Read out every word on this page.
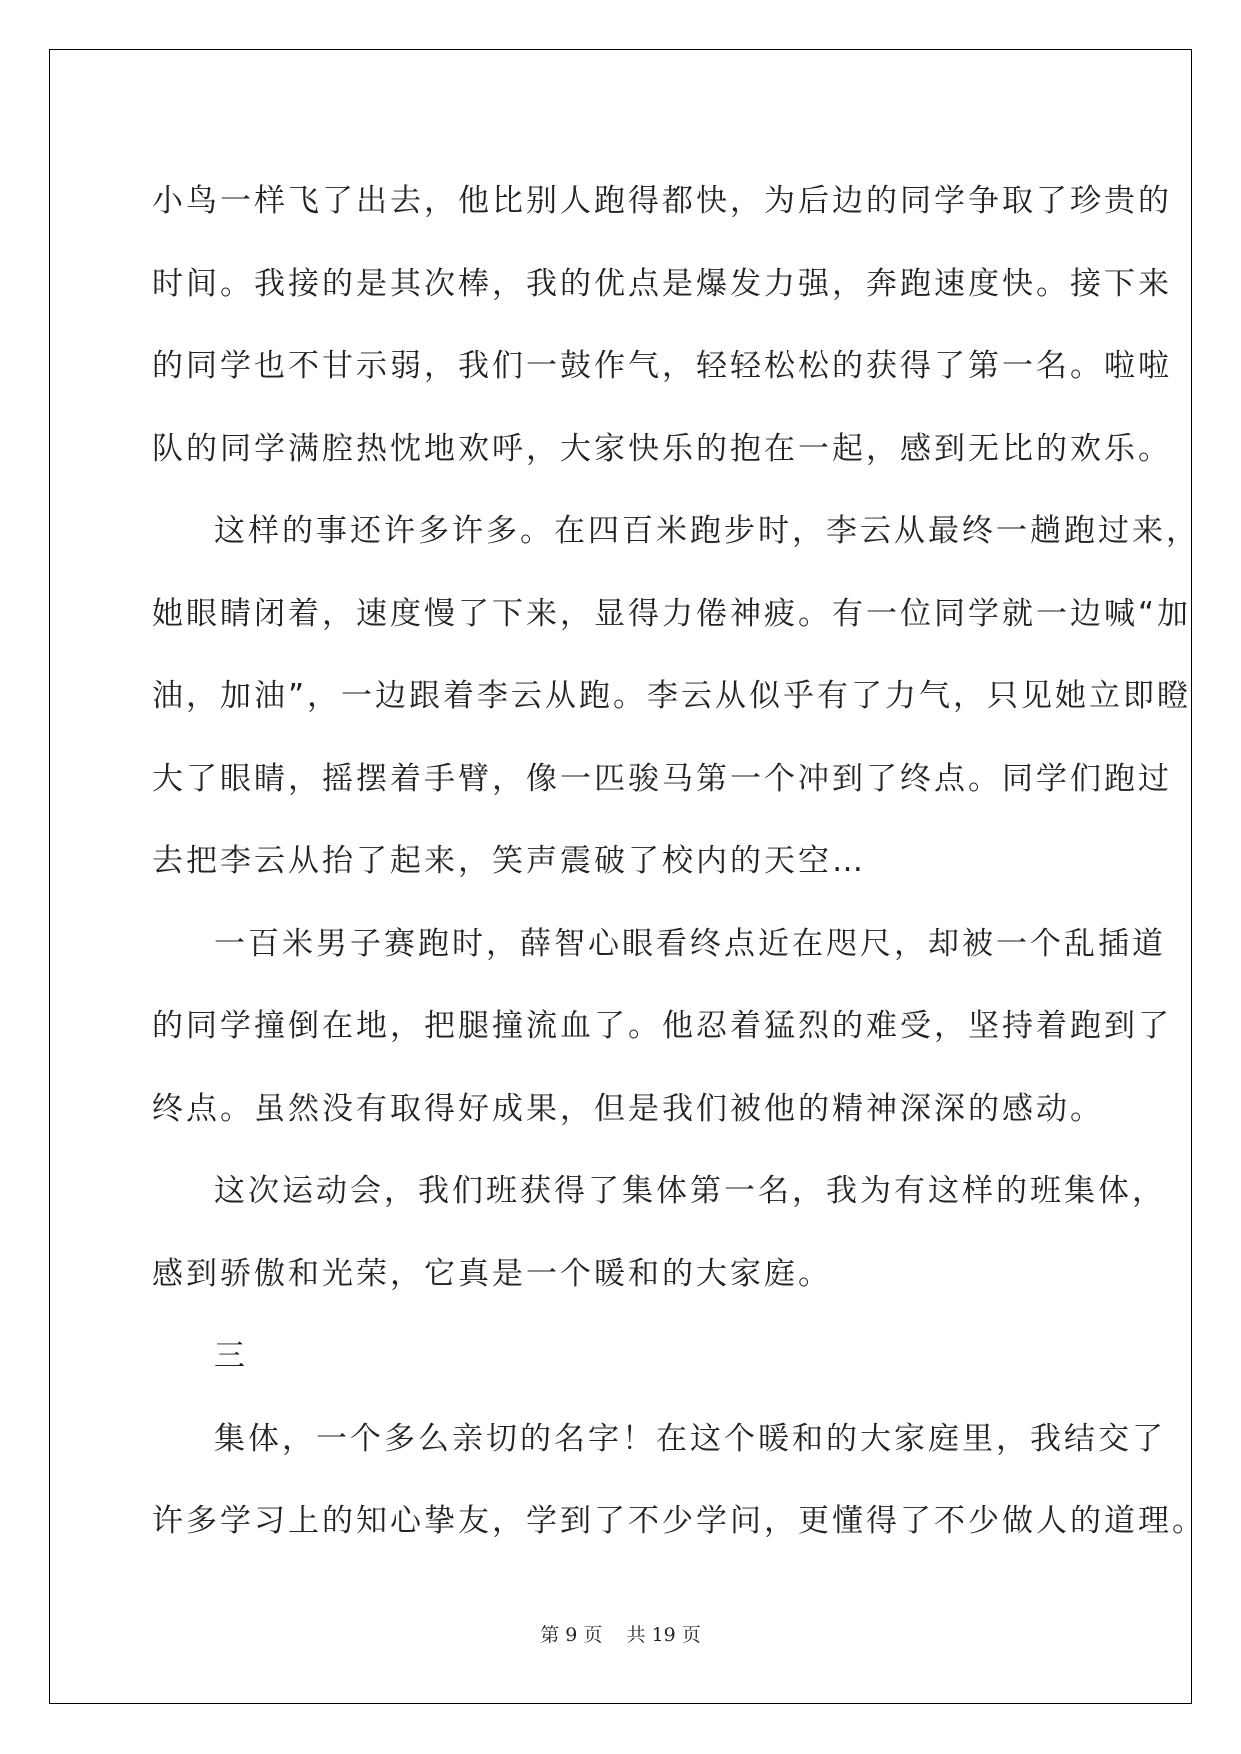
小鸟一样飞了出去，他比别人跑得都快，为后边的同学争取了珍贵的
时间。我接的是其次棒，我的优点是爆发力强，奔跑速度快。接下来
的同学也不甘示弱，我们一鼓作气，轻轻松松的获得了第一名。啦啦
队的同学满腔热忱地欢呼，大家快乐的抱在一起，感到无比的欢乐。
这样的事还许多许多。在四百米跑步时，李云从最终一趟跑过来，
她眼睛闭着，速度慢了下来，显得力倦神疲。有一位同学就一边喊“加
油，加油”，一边跟着李云从跑。李云从似乎有了力气，只见她立即瞪
大了眼睛，摇摆着手臂，像一匹骏马第一个冲到了终点。同学们跑过
去把李云从抬了起来，笑声震破了校内的天空…
一百米男子赛跑时，薛智心眼看终点近在咫尺，却被一个乱插道
的同学撞倒在地，把腿撞流血了。他忍着猛烈的难受，坚持着跑到了
终点。虽然没有取得好成果，但是我们被他的精神深深的感动。
这次运动会，我们班获得了集体第一名，我为有这样的班集体，
感到骄傲和光荣，它真是一个暖和的大家庭。
三
集体，一个多么亲切的名字！在这个暖和的大家庭里，我结交了
许多学习上的知心挚友，学到了不少学问，更懂得了不少做人的道理。
第 9 页 共 19 页
